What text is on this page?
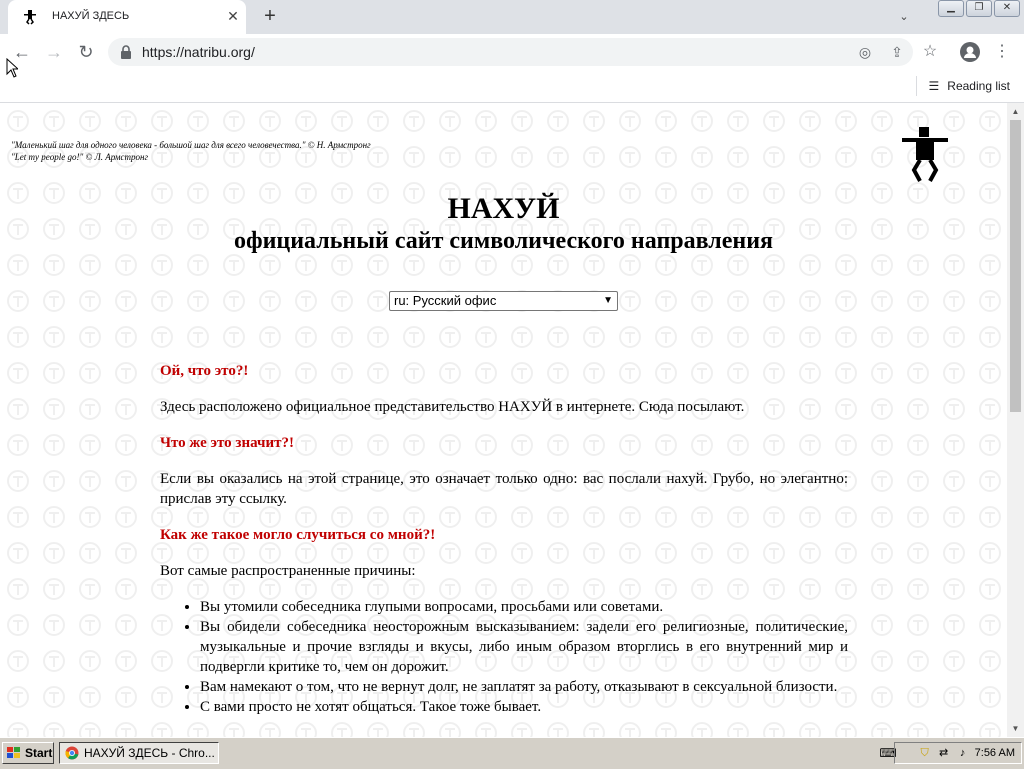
НАХУЙ ЗДЕСЬ	✕ +	⌄
▁	❐	✕
← → ↻	https://natribu.org/	◎ ⇪	☆	⋮
☰ Reading list
"Маленький шаг для одного человека - большой шаг для всего человечества." © Н. Армстронг
"Let my people go!" © Л. Армстронг
НАХУЙ
официальный сайт символического направления
ru: Русский офис	▼
Ой, что это?!

Здесь расположено официальное представительство НАХУЙ в интернете. Сюда посылают.

Что же это значит?!

Если вы оказались на этой странице, это означает только одно: вас послали нахуй. Грубо, но элегантно: прислав эту ссылку.

Как же такое могло случиться со мной?!

Вот самые распространенные причины:

• Вы утомили собеседника глупыми вопросами, просьбами или советами.
• Вы обидели собеседника неосторожным высказыванием: задели его религиозные, политические, музыкальные и прочие взгляды и вкусы, либо иным образом вторглись в его внутренний мир и подвергли критике то, чем он дорожит.
• Вам намекают о том, что не вернут долг, не заплатят за работу, отказывают в сексуальной близости.
• С вами просто не хотят общаться. Такое тоже бывает.
▲
▼
Start	НАХУЙ ЗДЕСЬ - Chro...	⌨ ⛉ ⇄	♪ 7:56 AM
